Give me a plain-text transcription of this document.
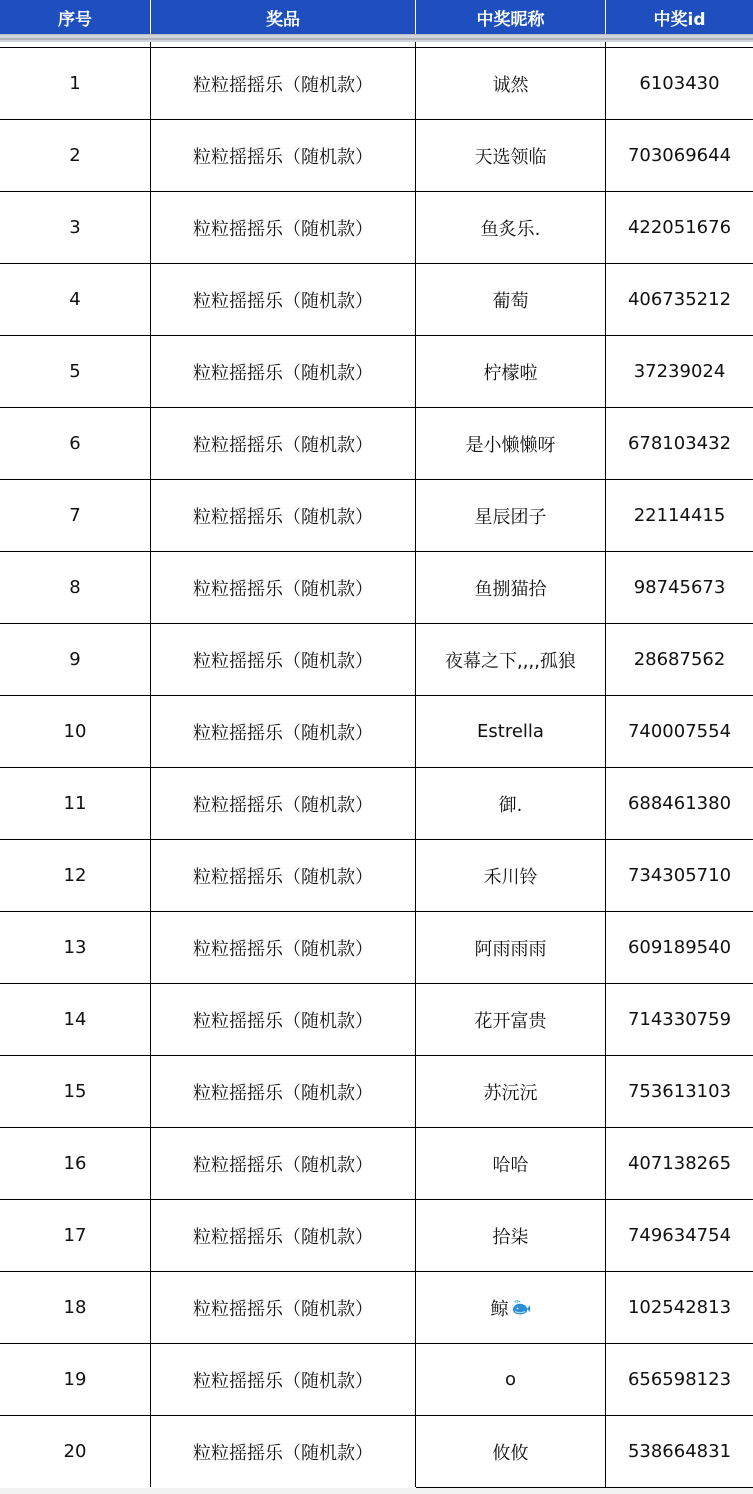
序号	奖品	中奖昵称	中奖id
1	粒粒摇摇乐（随机款）	诚然	6103430
2	粒粒摇摇乐（随机款）	天选领临	703069644
3	粒粒摇摇乐（随机款）	鱼炙乐.	422051676
4	粒粒摇摇乐（随机款）	葡萄	406735212
5	粒粒摇摇乐（随机款）	柠檬啦	37239024
6	粒粒摇摇乐（随机款）	是小懒懒呀	678103432
7	粒粒摇摇乐（随机款）	星辰团子	22114415
8	粒粒摇摇乐（随机款）	鱼捌猫拾	98745673
9	粒粒摇摇乐（随机款）	夜幕之下,,,,孤狼	28687562
10	粒粒摇摇乐（随机款）	Estrella	740007554
11	粒粒摇摇乐（随机款）	御.	688461380
12	粒粒摇摇乐（随机款）	禾川铃	734305710
13	粒粒摇摇乐（随机款）	阿雨雨雨	609189540
14	粒粒摇摇乐（随机款）	花开富贵	714330759
15	粒粒摇摇乐（随机款）	苏沅沅	753613103
16	粒粒摇摇乐（随机款）	哈哈	407138265
17	粒粒摇摇乐（随机款）	拾柒	749634754
18	粒粒摇摇乐（随机款）	鲸	102542813
19	粒粒摇摇乐（随机款）	o	656598123
20	粒粒摇摇乐（随机款）	攸攸	538664831
